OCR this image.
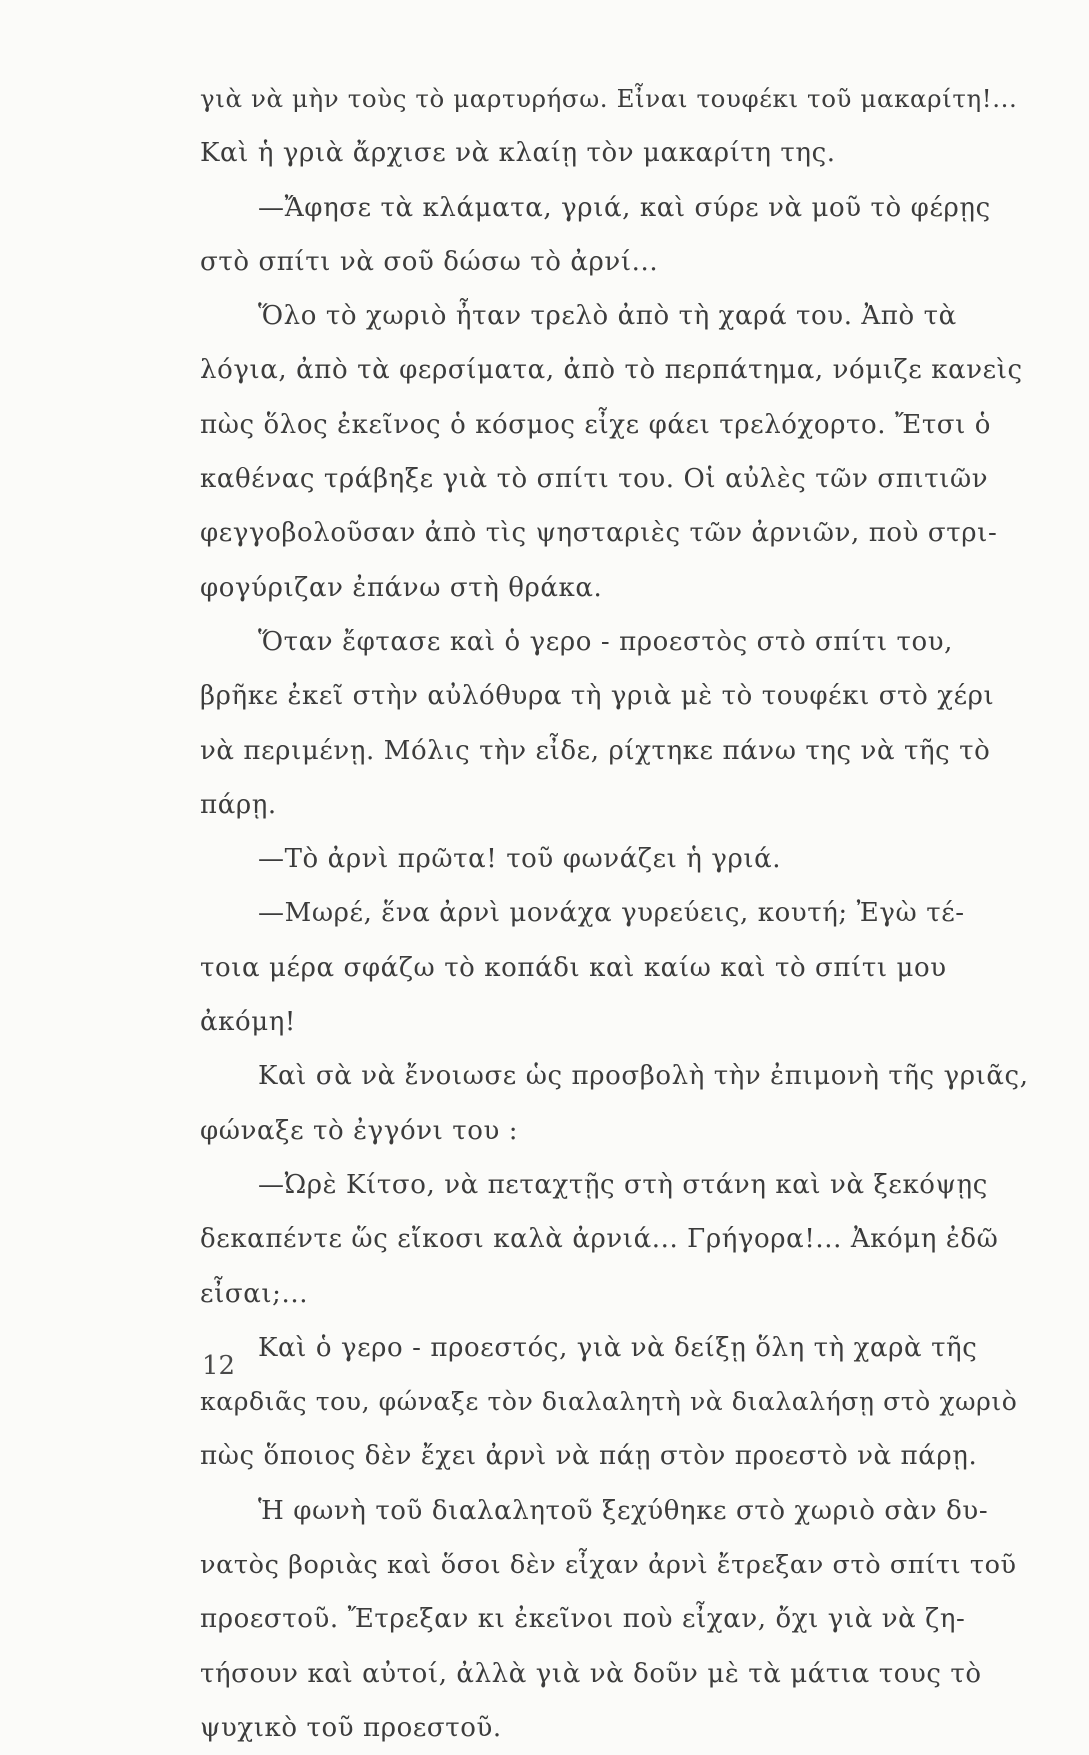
γιὰ νὰ μὴν τοὺς τὸ μαρτυρήσω. Εἶναι τουφέκι τοῦ μακαρίτη!...
Καὶ ἡ γριὰ ἄρχισε νὰ κλαίῃ τὸν μακαρίτη της.
—Ἄφησε τὰ κλάματα, γριά, καὶ σύρε νὰ μοῦ τὸ φέρῃς
στὸ σπίτι νὰ σοῦ δώσω τὸ ἀρνί...
Ὅλο τὸ χωριὸ ἦταν τρελὸ ἀπὸ τὴ χαρά του. Ἀπὸ τὰ
λόγια, ἀπὸ τὰ φερσίματα, ἀπὸ τὸ περπάτημα, νόμιζε κανεὶς
πὼς ὅλος ἐκεῖνος ὁ κόσμος εἶχε φάει τρελόχορτο. Ἔτσι ὁ
καθένας τράβηξε γιὰ τὸ σπίτι του. Οἱ αὐλὲς τῶν σπιτιῶν
φεγγοβολοῦσαν ἀπὸ τὶς ψησταριὲς τῶν ἀρνιῶν, ποὺ στρι-
φογύριζαν ἐπάνω στὴ θράκα.
Ὅταν ἔφτασε καὶ ὁ γερο - προεστὸς στὸ σπίτι του,
βρῆκε ἐκεῖ στὴν αὐλόθυρα τὴ γριὰ μὲ τὸ τουφέκι στὸ χέρι
νὰ περιμένῃ. Μόλις τὴν εἶδε, ρίχτηκε πάνω της νὰ τῆς τὸ
πάρῃ.
—Τὸ ἀρνὶ πρῶτα! τοῦ φωνάζει ἡ γριά.
—Μωρέ, ἕνα ἀρνὶ μονάχα γυρεύεις, κουτή; Ἐγὼ τέ-
τοια μέρα σφάζω τὸ κοπάδι καὶ καίω καὶ τὸ σπίτι μου
ἀκόμη!
Καὶ σὰ νὰ ἔνοιωσε ὡς προσβολὴ τὴν ἐπιμονὴ τῆς γριᾶς,
φώναξε τὸ ἐγγόνι του :
—Ὠρὲ Κίτσο, νὰ πεταχτῇς στὴ στάνη καὶ νὰ ξεκόψῃς
δεκαπέντε ὥς εἴκοσι καλὰ ἀρνιά... Γρήγορα!... Ἀκόμη ἐδῶ
εἶσαι;...
Καὶ ὁ γερο - προεστός, γιὰ νὰ δείξῃ ὅλη τὴ χαρὰ τῆς
καρδιᾶς του, φώναξε τὸν διαλαλητὴ νὰ διαλαλήσῃ στὸ χωριὸ
πὼς ὅποιος δὲν ἔχει ἀρνὶ νὰ πάῃ στὸν προεστὸ νὰ πάρῃ.
Ἡ φωνὴ τοῦ διαλαλητοῦ ξεχύθηκε στὸ χωριὸ σὰν δυ-
νατὸς βοριὰς καὶ ὅσοι δὲν εἶχαν ἀρνὶ ἔτρεξαν στὸ σπίτι τοῦ
προεστοῦ. Ἔτρεξαν κι ἐκεῖνοι ποὺ εἶχαν, ὄχι γιὰ νὰ ζη-
τήσουν καὶ αὐτοί, ἀλλὰ γιὰ νὰ δοῦν μὲ τὰ μάτια τους τὸ
ψυχικὸ τοῦ προεστοῦ.
12
